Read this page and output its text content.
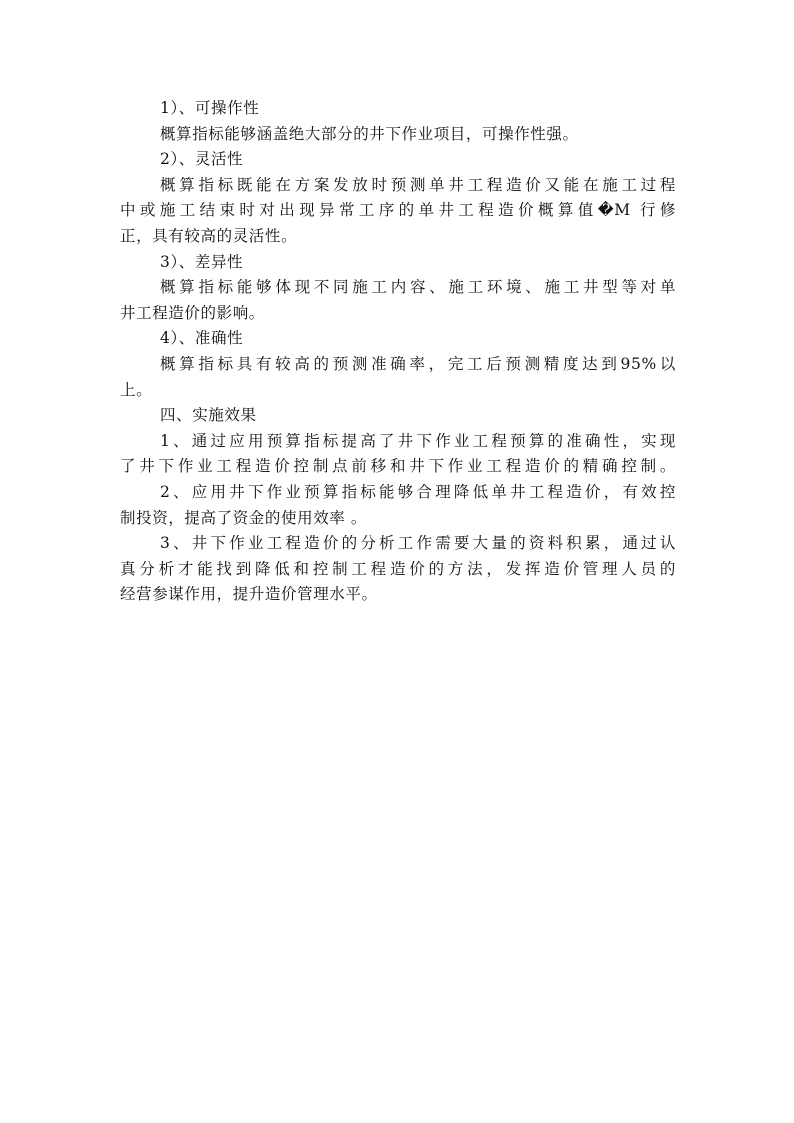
1）、可操作性
概算指标能够涵盖绝大部分的井下作业项目，可操作性强。
2）、灵活性
概算指标既能在方案发放时预测单井工程造价又能在施工过程
中或施工结束时对出现异常工序的单井工程造价概算值�M 行修
正，具有较高的灵活性。
3）、差异性
概算指标能够体现不同施工内容、施工环境、施工井型等对单
井工程造价的影响。
4）、准确性
概算指标具有较高的预测准确率，完工后预测精度达到95%以
上。
四、实施效果
1、通过应用预算指标提高了井下作业工程预算的准确性，实现
了井下作业工程造价控制点前移和井下作业工程造价的精确控制。
2、应用井下作业预算指标能够合理降低单井工程造价，有效控
制投资，提高了资金的使用效率 。
3、井下作业工程造价的分析工作需要大量的资料积累，通过认
真分析才能找到降低和控制工程造价的方法，发挥造价管理人员的
经营参谋作用，提升造价管理水平。
